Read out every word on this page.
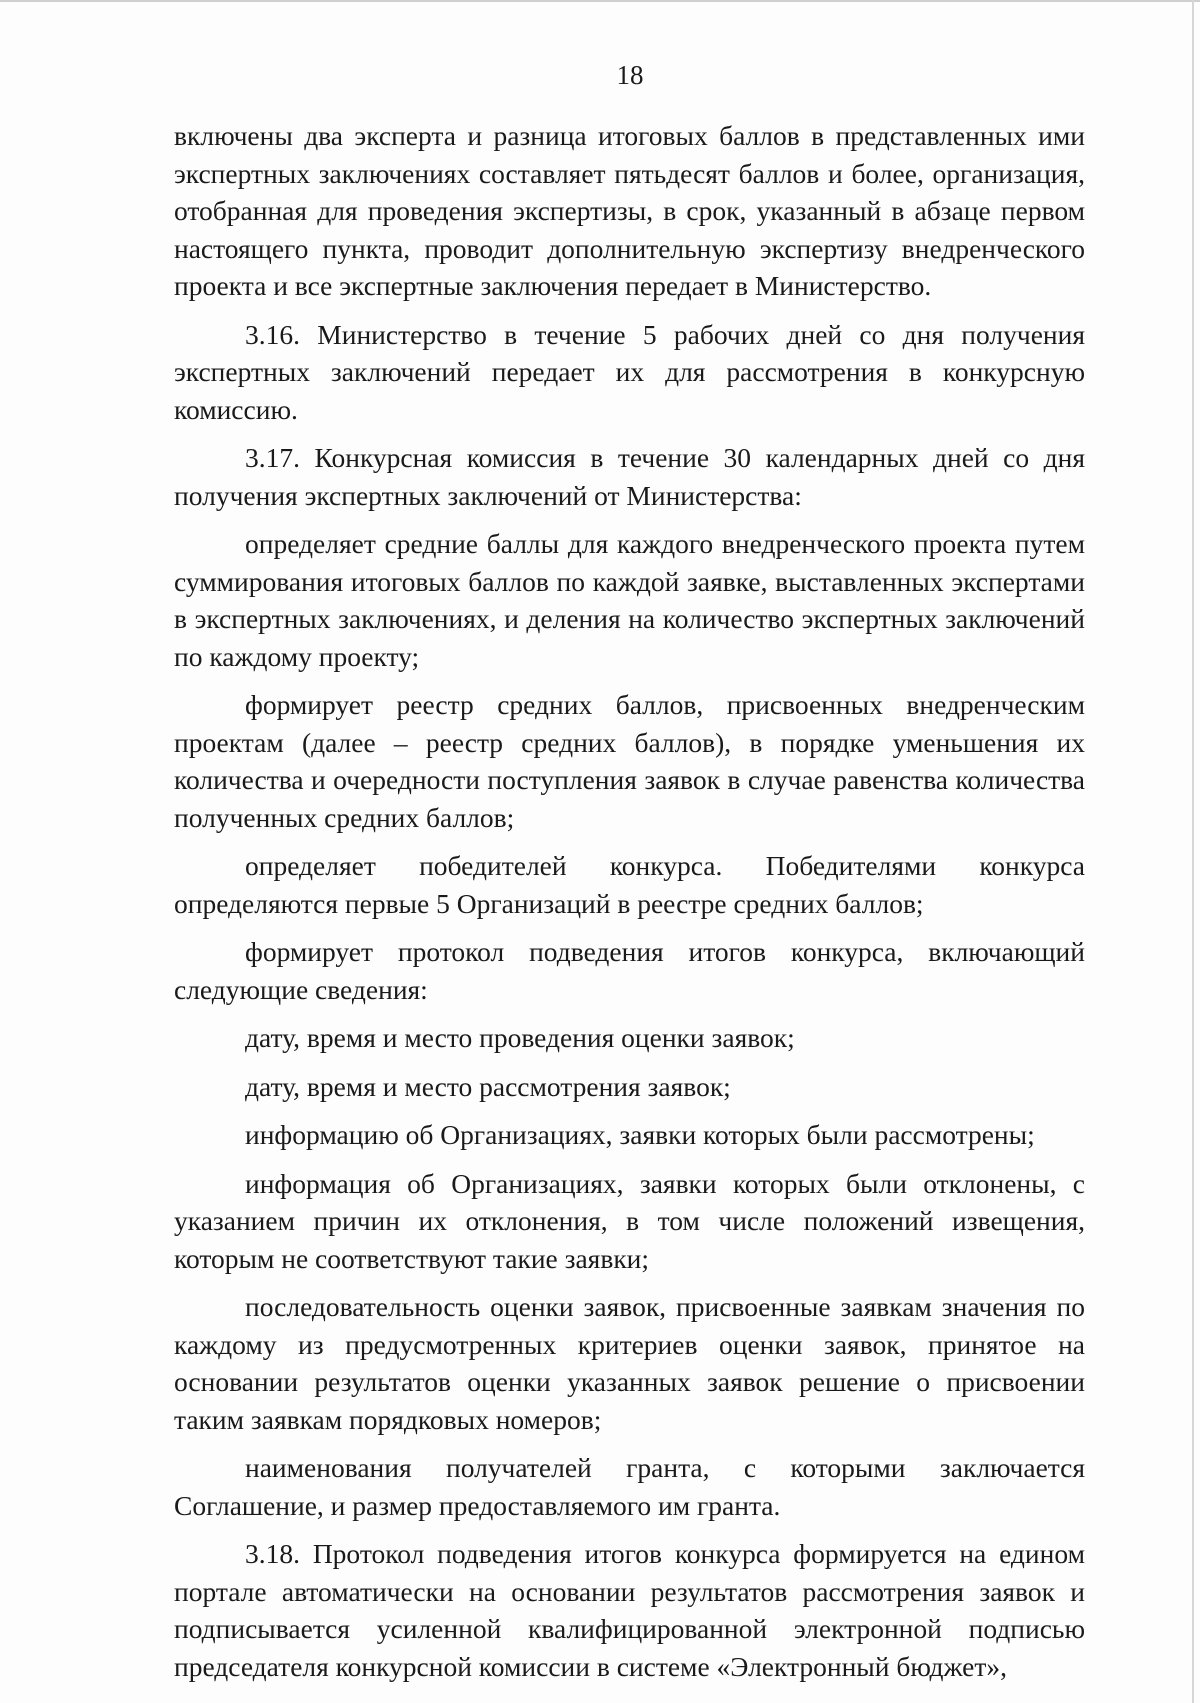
18

включены два эксперта и разница итоговых баллов в представленных ими экспертных заключениях составляет пятьдесят баллов и более, организация, отобранная для проведения экспертизы, в срок, указанный в абзаце первом настоящего пункта, проводит дополнительную экспертизу внедренческого проекта и все экспертные заключения передает в Министерство.

3.16. Министерство в течение 5 рабочих дней со дня получения экспертных заключений передает их для рассмотрения в конкурсную комиссию.

3.17. Конкурсная комиссия в течение 30 календарных дней со дня получения экспертных заключений от Министерства:

определяет средние баллы для каждого внедренческого проекта путем суммирования итоговых баллов по каждой заявке, выставленных экспертами в экспертных заключениях, и деления на количество экспертных заключений по каждому проекту;

формирует реестр средних баллов, присвоенных внедренческим проектам (далее – реестр средних баллов), в порядке уменьшения их количества и очередности поступления заявок в случае равенства количества полученных средних баллов;

определяет победителей конкурса. Победителями конкурса определяются первые 5 Организаций в реестре средних баллов;

формирует протокол подведения итогов конкурса, включающий следующие сведения:

дату, время и место проведения оценки заявок;

дату, время и место рассмотрения заявок;

информацию об Организациях, заявки которых были рассмотрены;

информация об Организациях, заявки которых были отклонены, с указанием причин их отклонения, в том числе положений извещения, которым не соответствуют такие заявки;

последовательность оценки заявок, присвоенные заявкам значения по каждому из предусмотренных критериев оценки заявок, принятое на основании результатов оценки указанных заявок решение о присвоении таким заявкам порядковых номеров;

наименования получателей гранта, с которыми заключается Соглашение, и размер предоставляемого им гранта.

3.18. Протокол подведения итогов конкурса формируется на едином портале автоматически на основании результатов рассмотрения заявок и подписывается усиленной квалифицированной электронной подписью председателя конкурсной комиссии в системе «Электронный бюджет»,
